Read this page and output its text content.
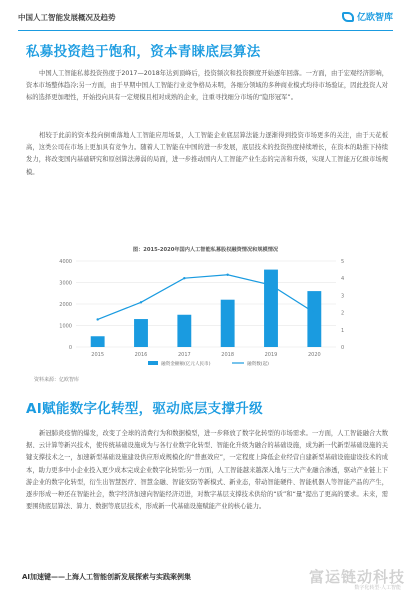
中国人工智能发展概况及趋势	亿欧智库
私募投资趋于饱和，资本青睐底层算法

中国人工智能私募投资热度于2017—2018年达到顶峰后，投资频次和投资额度开始逐年回落。一方面，由于宏观经济影响，资本市场整体趋冷;另一方面，由于早期中国人工智能行业竞争格局未明，各细分领域的多种商业模式均待市场验证，因此投资人对标的选择更加理性，开始投向具有一定规模且相对成熟的企业，注重寻找细分市场的“隐形冠军”。

相较于此前的资本投向倒重落地人工智能应用场景，人工智能企业底层算法能力逐渐得到投资市场更多的关注，由于天花板高，这类公司在市场上更加具有竞争力。随着人工智能在中国的进一步发展，底层技术的投资热度持续增长，在资本的助推下持续发力，将改变国内基础研究和原创算法薄弱的局面，进一步推动国内人工智能产业生态的完善和升级，实现人工智能万亿级市场规模。

图：2015-2020年国内人工智能私募股权融资情况和规模情况
0
1000
2000
3000
4000
0
1
2
3
4
5
2015	2016	2017	2018	2019	2020
融资金额额(亿元人民币)	融资数(起)
资料来源：亿欧智库
AI赋能数字化转型，驱动底层支撑升级

新冠肺炎疫情的爆发，改变了全球的消费行为和数据模型，进一步释放了数字化转型的市场需求。一方面，人工智能融合大数据、云计算等新兴技术，使传统基础设施成为与各行业数字化转型、智能化升级为融合的基础设施，成为新一代新型基础设施的关键支撑技术之一，加速新型基础设施建设供应形成规模化的“普惠效应”，一定程度上降低企业经营自建新型基础设施建设技术的成本，助力更多中小企业投入更少成本完成企业数字化转型;另一方面，人工智能越来越深入地与三大产业融合渗透，驱动产业链上下游企业的数字化转型，衍生出智慧医疗、智慧金融、智能安防等新模式、新业态，带动智能硬件、智能机器人等智能产品的产生，逐步形成一种还在智能社会，数字经济加速向智能经济迈进，对数字基层支撑技术供给的“质”和“量”提出了更高的要求。未来，需要围绕底层算法、算力、数据等底层技术，形成新一代基础设施赋能产业的核心能力。

AI加速键——上海人工智能创新发展探索与实践案例集	富运链动科技
数字化转型·人工智能
